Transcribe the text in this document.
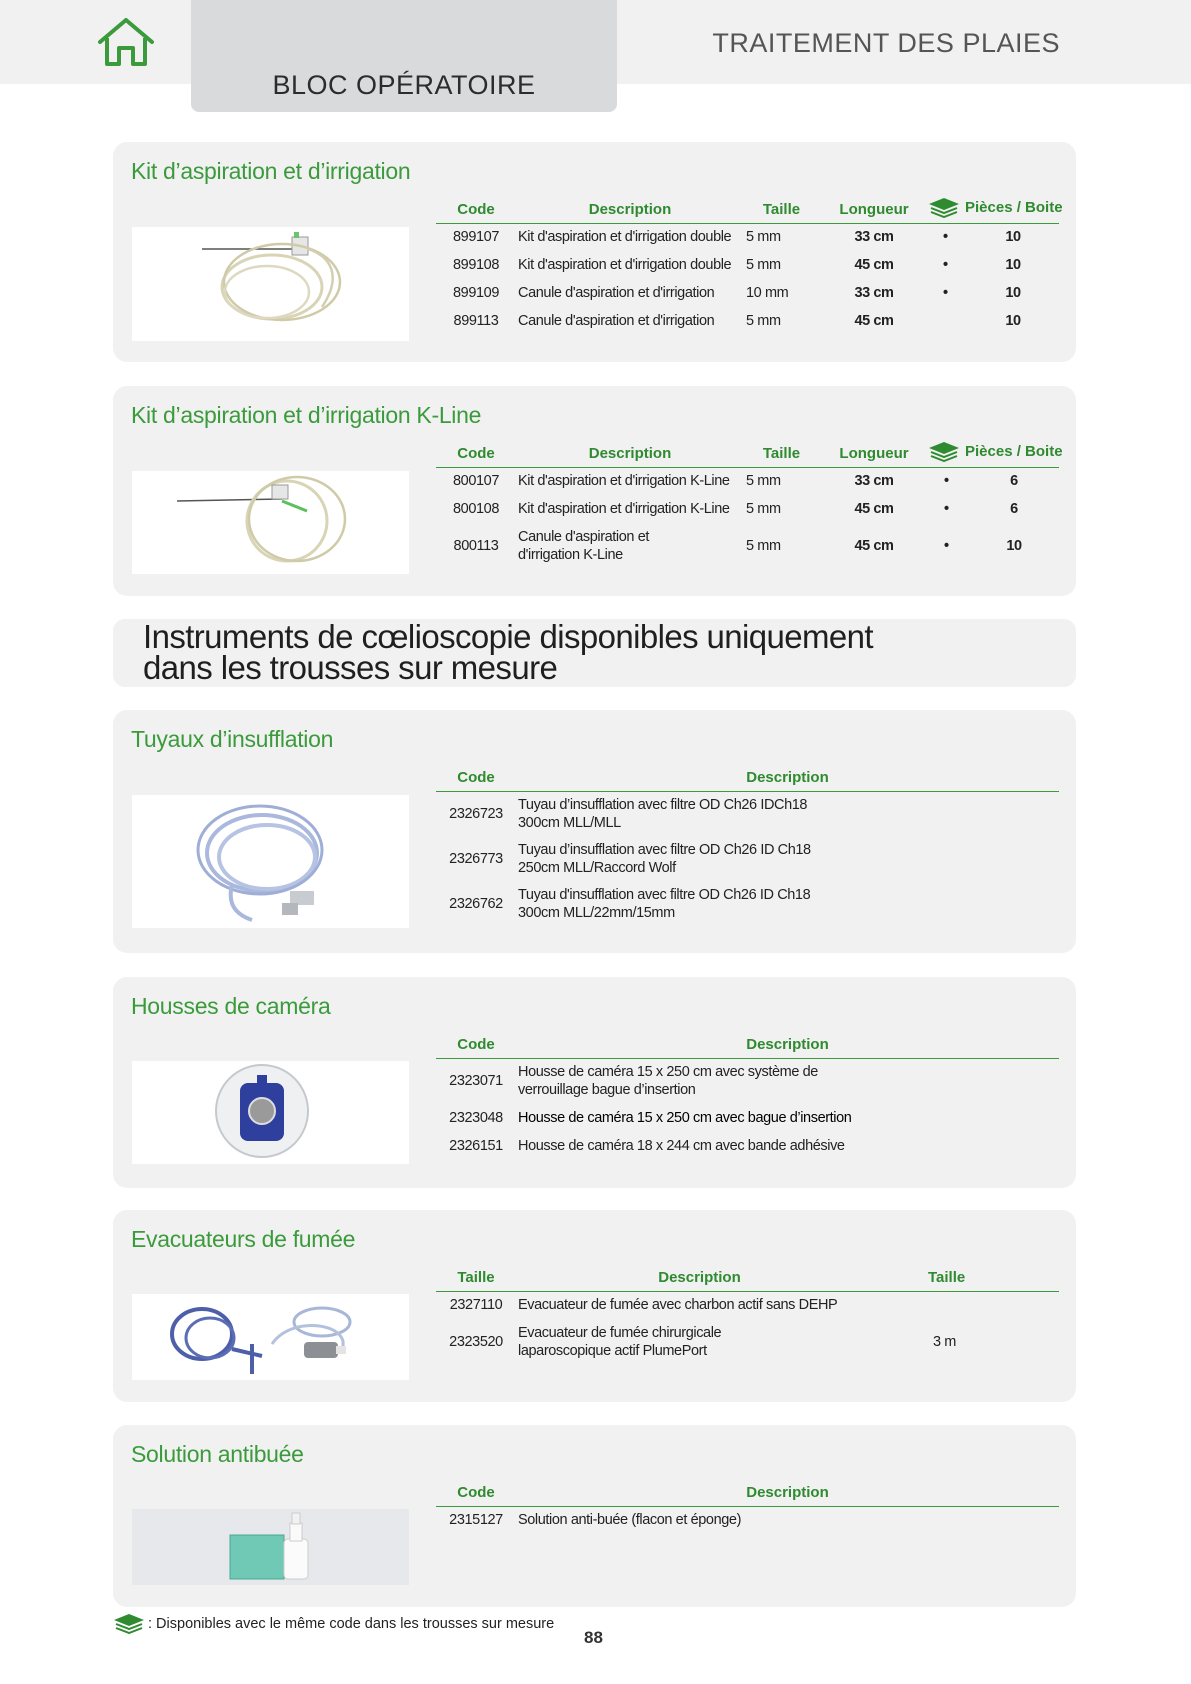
BLOC OPÉRATOIRE
TRAITEMENT DES PLAIES
Kit d’aspiration et d’irrigation
Code	Description	Taille	Longueur	Pièces / Boite

899107	Kit d'aspiration et d'irrigation double	5 mm	33 cm	• 10
899108	Kit d'aspiration et d'irrigation double	5 mm	45 cm	• 10
899109	Canule d'aspiration et d'irrigation	10 mm	33 cm	• 10
899113	Canule d'aspiration et d'irrigation	5 mm	45 cm	10
Kit d’aspiration et d’irrigation K-Line
Code	Description	Taille	Longueur	Pièces / Boite

800107	Kit d'aspiration et d'irrigation K-Line	5 mm	33 cm	• 6
800108	Kit d'aspiration et d'irrigation K-Line	5 mm	45 cm	• 6
800113	Canule d'aspiration et
d'irrigation K-Line	5 mm	45 cm	• 10
Instruments de cœlioscopie disponibles uniquement
dans les trousses sur mesure
Tuyaux d’insufflation
Code	Description
2326723	Tuyau d’insufflation avec filtre OD Ch26 IDCh18
300cm MLL/MLL

2326773	Tuyau d’insufflation avec filtre OD Ch26 ID Ch18
250cm MLL/Raccord Wolf

2326762	Tuyau d'insufflation avec filtre OD Ch26 ID Ch18
300cm MLL/22mm/15mm
Housses de caméra
Code	Description
2323071	Housse de caméra 15 x 250 cm avec système de
verrouillage bague d’insertion

2323048	Housse de caméra 15 x 250 cm avec bague d’insertion
2326151	Housse de caméra 18 x 244 cm avec bande adhésive
Evacuateurs de fumée
Taille	Description	Taille
2327110	Evacuateur de fumée avec charbon actif sans DEHP	
2323520	Evacuateur de fumée chirurgicale
laparoscopique actif PlumePort	3 m
Solution antibuée
Code	Description
2315127	Solution anti-buée (flacon et éponge)
: Disponibles avec le même code dans les trousses sur mesure
88
